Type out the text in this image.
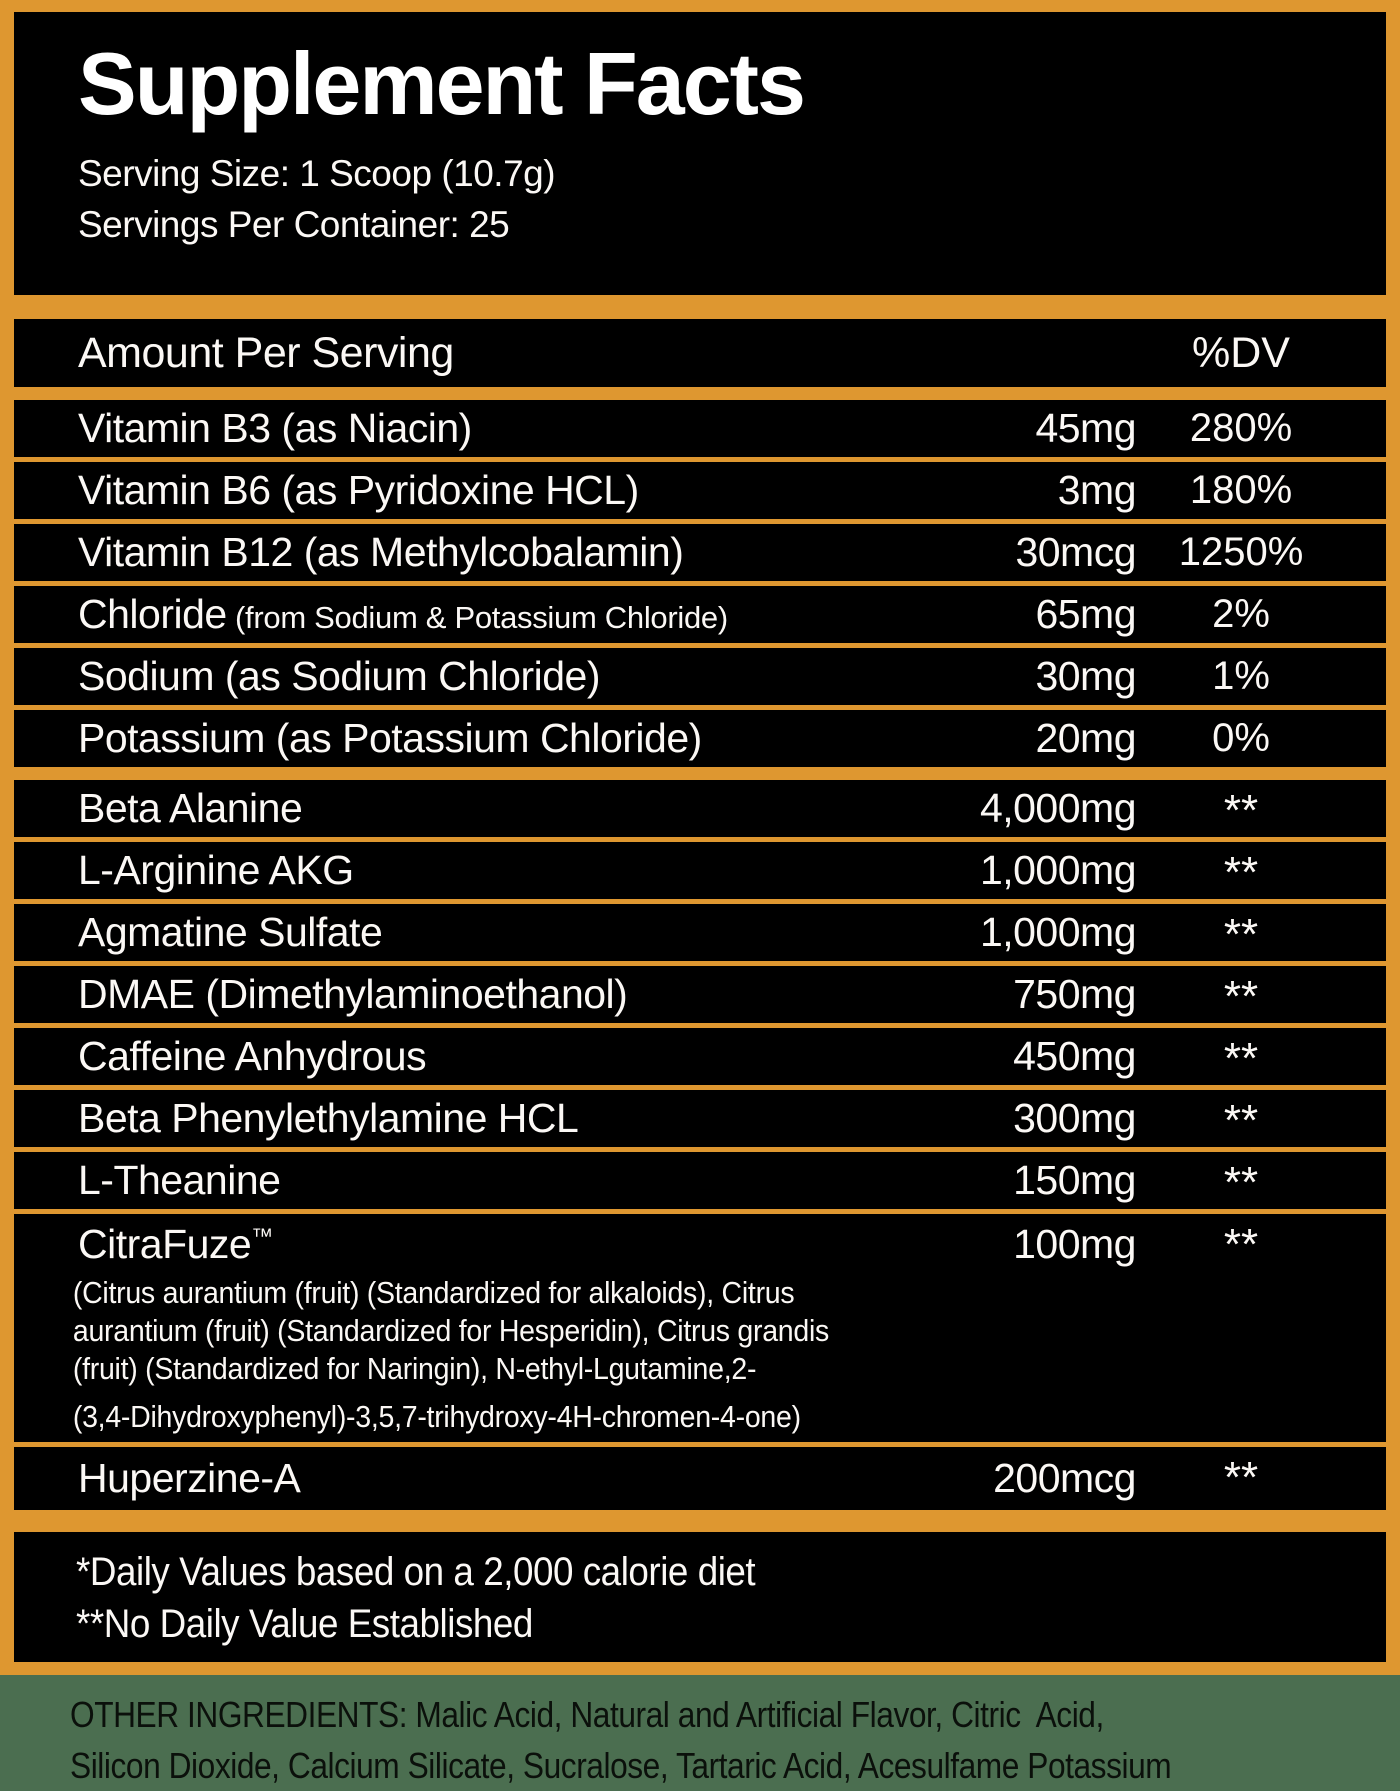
Supplement Facts
Serving Size: 1 Scoop (10.7g)
Servings Per Container: 25
Amount Per Serving	%DV
Vitamin B3 (as Niacin)	45mg	280%
Vitamin B6 (as Pyridoxine HCL)	3mg	180%
Vitamin B12 (as Methylcobalamin)	30mcg	1250%
Chloride (from Sodium & Potassium Chloride)	65mg	2%
Sodium (as Sodium Chloride)	30mg	1%
Potassium (as Potassium Chloride)	20mg	0%
Beta Alanine	4,000mg	**
L-Arginine AKG	1,000mg	**
Agmatine Sulfate	1,000mg	**
DMAE (Dimethylaminoethanol)	750mg	**
Caffeine Anhydrous	450mg	**
Beta Phenylethylamine HCL	300mg	**
L-Theanine	150mg	**
CitraFuze™	100mg	**
(Citrus aurantium (fruit) (Standardized for alkaloids), Citrus
aurantium (fruit) (Standardized for Hesperidin), Citrus grandis
(fruit) (Standardized for Naringin), N-ethyl-Lgutamine,2-
(3,4-Dihydroxyphenyl)-3,5,7-trihydroxy-4H-chromen-4-one)
Huperzine-A	200mcg	**
*Daily Values based on a 2,000 calorie diet
**No Daily Value Established
OTHER INGREDIENTS: Malic Acid, Natural and Artificial Flavor, Citric  Acid,
Silicon Dioxide, Calcium Silicate, Sucralose, Tartaric Acid, Acesulfame Potassium
